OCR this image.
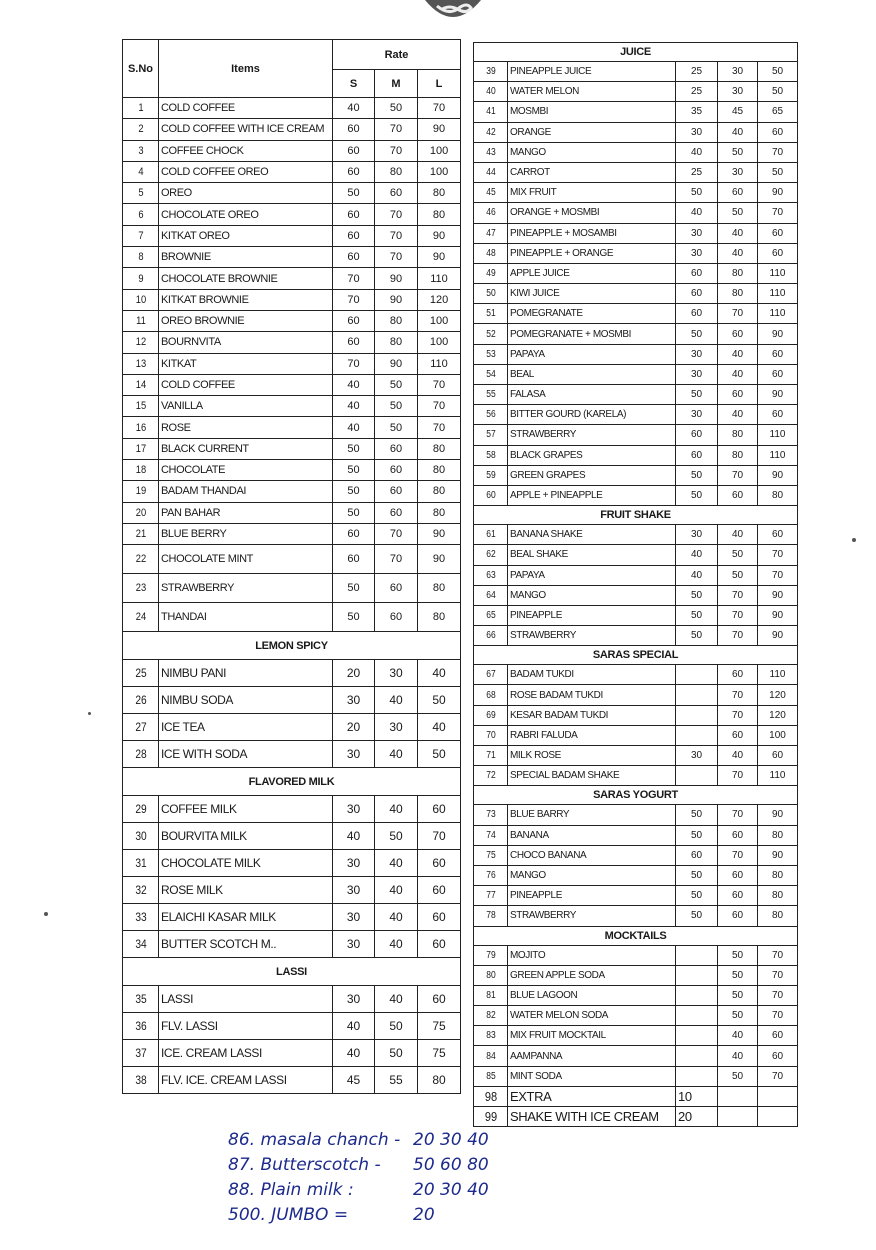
S.No	Items	Rate		
		S	M	L
1	COLD COFFEE	40	50	70
2	COLD COFFEE WITH ICE CREAM	60	70	90
3	COFFEE CHOCK	60	70	100
4	COLD COFFEE OREO	60	80	100
5	OREO	50	60	80
6	CHOCOLATE OREO	60	70	80
7	KITKAT OREO	60	70	90
8	BROWNIE	60	70	90
9	CHOCOLATE BROWNIE	70	90	110
10	KITKAT BROWNIE	70	90	120
11	OREO BROWNIE	60	80	100
12	BOURNVITA	60	80	100
13	KITKAT	70	90	110
14	COLD COFFEE	40	50	70
15	VANILLA	40	50	70
16	ROSE	40	50	70
17	BLACK CURRENT	50	60	80
18	CHOCOLATE	50	60	80
19	BADAM THANDAI	50	60	80
20	PAN BAHAR	50	60	80
21	BLUE BERRY	60	70	90
22	CHOCOLATE MINT	60	70	90
23	STRAWBERRY	50	60	80
24	THANDAI	50	60	80
LEMON SPICY				
25	NIMBU PANI	20	30	40
26	NIMBU SODA	30	40	50
27	ICE TEA	20	30	40
28	ICE WITH SODA	30	40	50
FLAVORED MILK				
29	COFFEE MILK	30	40	60
30	BOURVITA MILK	40	50	70
31	CHOCOLATE MILK	30	40	60
32	ROSE MILK	30	40	60
33	ELAICHI KASAR MILK	30	40	60
34	BUTTER SCOTCH M..	30	40	60
LASSI				
35	LASSI	30	40	60
36	FLV. LASSI	40	50	75
37	ICE. CREAM LASSI	40	50	75
38	FLV. ICE. CREAM LASSI	45	55	80
JUICE				
39	PINEAPPLE JUICE	25	30	50
40	WATER MELON	25	30	50
41	MOSMBI	35	45	65
42	ORANGE	30	40	60
43	MANGO	40	50	70
44	CARROT	25	30	50
45	MIX FRUIT	50	60	90
46	ORANGE + MOSMBI	40	50	70
47	PINEAPPLE + MOSAMBI	30	40	60
48	PINEAPPLE + ORANGE	30	40	60
49	APPLE JUICE	60	80	110
50	KIWI JUICE	60	80	110
51	POMEGRANATE	60	70	110
52	POMEGRANATE + MOSMBI	50	60	90
53	PAPAYA	30	40	60
54	BEAL	30	40	60
55	FALASA	50	60	90
56	BITTER GOURD (KARELA)	30	40	60
57	STRAWBERRY	60	80	110
58	BLACK GRAPES	60	80	110
59	GREEN GRAPES	50	70	90
60	APPLE + PINEAPPLE	50	60	80
FRUIT SHAKE				
61	BANANA SHAKE	30	40	60
62	BEAL SHAKE	40	50	70
63	PAPAYA	40	50	70
64	MANGO	50	70	90
65	PINEAPPLE	50	70	90
66	STRAWBERRY	50	70	90
SARAS SPECIAL				
67	BADAM TUKDI		60	110
68	ROSE BADAM TUKDI		70	120
69	KESAR BADAM TUKDI		70	120
70	RABRI FALUDA		60	100
71	MILK ROSE	30	40	60
72	SPECIAL BADAM SHAKE		70	110
SARAS YOGURT				
73	BLUE BARRY	50	70	90
74	BANANA	50	60	80
75	CHOCO BANANA	60	70	90
76	MANGO	50	60	80
77	PINEAPPLE	50	60	80
78	STRAWBERRY	50	60	80
MOCKTAILS				
79	MOJITO		50	70
80	GREEN APPLE SODA		50	70
81	BLUE LAGOON		50	70
82	WATER MELON SODA		50	70
83	MIX FRUIT MOCKTAIL		40	60
84	AAMPANNA		40	60
85	MINT SODA		50	70
98	EXTRA	10		
99	SHAKE WITH ICE CREAM	20		
86. masala chanch - 20 30 40
87. Butterscotch - 50 60 80
88. Plain milk :	20 30 40
500. JUMBO =	20
